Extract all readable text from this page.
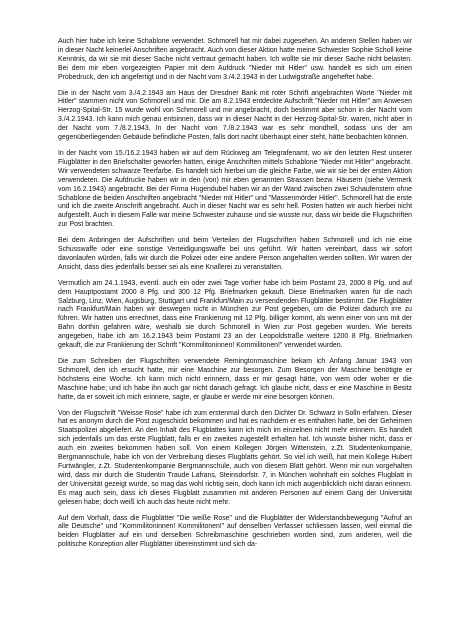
Auch hier habe ich keine Schablone verwendet. Schmorell hat mir dabei zugesehen. An anderen Stellen haben wir in dieser Nacht keinerlei Anschriften angebracht. Auch von dieser Aktion hatte meine Schwester Sophie Scholl keine Kenntnis, da wir sie mit dieser Sache nicht vertraut gemacht haben. Ich wollte sie mir dieser Sache nicht belasten. Bei dem mir eben vorgezeigten Papier mit dem Aufdruck "Nieder mit Hitler" usw. handelt es sich um einen Probedruck, den ich angefertigt und in der Nacht vom 3./4.2.1943 in der Ludwigstraße angeheftet habe.

Die in der Nacht vom 3./4.2.1943 am Haus der Dresdner Bank mit roter Schrift angebrachten Worte "Nieder mit Hitler" stammen nicht von Schmorell und mir. Die am 8.2.1943 entdeckte Aufschrift "Nieder mit Hitler" am Anwesen Herzog-Spital-Str. 15 wurde wohl von Schmorell und mir angebracht, doch bestimmt aber schon in der Nacht vom 3./4.2.1943. Ich kann mich genau entsinnen, dass wir in dieser Nacht in der Herzog-Spital-Str. waren, nicht aber in der Nacht vom 7./8.2.1943. In der Nacht vom 7./8.2.1943 war es sehr mondhell, sodass uns der am gegenüberliegenden Gebäude befindliche Posten, falls dort nacht überhaupt einer steht, hätte beobachten können.

In der Nacht vom 15./16.2.1943 haben wir auf dem Rückweg am Telegrafenamt, wo wir den letzten Rest unserer Flugblätter in den Briefschalter geworfen hatten, einige Anschriften mittels Schablone "Nieder mit Hitler" angebracht. Wir verwendeten schwarze Teerfarbe. Es handelt sich hierbei um die gleiche Farbe, wie wir sie bei der ersten Aktion verwendeten. Die Aufdrucke haben wir in den (von) mir eben genannten Strassen bezw. Häusern (siehe Vermerk vom 16.2.1943) angebracht. Bei der Firma Hugendubel haben wir an der Wand zwischen zwei Schaufenstern ohne Schablone die beiden Anschriften angebracht "Nieder mit Hitler" und "Massenmörder Hitler". Schmorell hat die erste und ich die zweite Anschrift angebracht. Auch in dieser Nacht war es sehr hell. Posten hatten wir auch hierbei nicht aufgestellt. Auch in diesem Falle war meine Schwester zuhause und sie wusste nur, dass wir beide die Flugschriften zur Post brachten.

Bei dem Anbringen der Aufschriften und beim Verteilen der Flugschriften haben Schmorell und ich nie eine Schusswaffe oder eine sonstige Verteidigungswaffe bei uns geführt. Wir hatten vereinbart, dass wir sofort davonlaufen würden, falls wir durch die Polizei oder eine andere Person angehalten werden sollten. Wir waren der Ansicht, dass dies jedenfalls besser sei als eine Knallerei zu veranstalten.

Vermutlich am 24.1.1943, eventl. auch ein oder zwei Tage vorher habe ich beim Postamt 23, 2000 8 Pfg. und auf dem Hauptpostamt 2000 8 Pfg. und 300 12 Pfg. Briefmarken gekauft. Diese Briefmarken waren für die nach Salzburg, Linz, Wien, Augsburg, Stuttgart und Frankfurt/Main zu versendenden Flugblätter bestimmt. Die Flugblätter nach Frankfurt/Main haben wir deswegen nicht in München zur Post gegeben, um die Polizei dadurch irre zu führen. Wir hatten uns errechnet, dass eine Frankierung mit 12 Pfg. billiger kommt, als wenn einer von uns mit der Bahn dorthin gefahren wäre, weshalb sie durch Schmorell in Wien zur Post gegeben wurden. Wie bereits angegeben, habe ich am 16.2.1943 beim Postamt 23 an der Leopoldstraße weitere 1200 8 Pfg. Briefmarken gekauft, die zur Frankierung der Schrift "Kommilitoninnen! Kommilitonen!" verwendet wurden.

Die zum Schreiben der Flugschriften verwendete Remingtonmaschine bekam ich Anfang Januar 1943 von Schmorell, den ich ersucht hatte, mir eine Maschine zur besorgen. Zum Besorgen der Maschine benötigte er höchstens eine Woche. Ich kann mich nicht erinnern, dass er mir gesagt hätte, von wem oder woher er die Maschine habe; und ich habe ihn auch gar nicht danach gefragt. Ich glaube nicht, dass er eine Maschine in Besitz hatte, da er soweit ich mich erinnere, sagte, er glaube er werde mir eine besorgen können.

Von der Flugschrift "Weisse Rose" habe ich zum erstenmal durch den Dichter Dr. Schwarz in Solln erfahren. Dieser hat es anonym durch die Post zugeschickt bekommen und hat es nachdem er es enthalten hatte, bei der Geheimen Staatspolizei abgeliefert. An den Inhalt des Flugblattes kann ich mich im einzelnen nicht mehr erinnern. Es handelt sich jedenfalls um das erste Flugblatt, falls er ein zweites zugestellt erhalten hat. Ich wusste bisher nicht, dass er auch ein zweites bekommen haben soll. Von einem Kollegen Jörgen Wittenstein, z.Zt. Studentenkompanie, Bergmannschule, habe ich von der Verbreitung dieses Flugblatts gehört. So viel ich weiß, hat mein Kollege Hubert Furtwängler, z.Zt. Studentenkompanie Bergmannschule, auch von diesem Blatt gehört. Wenn mir nun vorgehalten wird, dass mir durch die Studentin Traude Lafrans, Steinsdorfstr. 7, in München wohnhaft ein solches Flugblatt in der Universität gezeigt wurde, so mag das wohl richtig sein, doch kann ich mich augenblicklich nicht daran erinnern. Es mag auch sein, dass ich dieses Flugblatt zusammen mit anderen Personen auf einem Gang der Universität gelesen habe; doch weiß ich auch das heute nicht mehr.

Auf dem Vorhalt, dass die Flugblätter "Die weiße Rose" und die Flugblätter der Widerstandsbewegung "Aufruf an alle Deutsche" und "Kommilitoninnen! Kommilitonen!" auf denselben Verfasser schliessen lassen, weil einmal die beiden Flugblätter auf ein und derselben Schreibmaschine geschrieben worden sind, zum anderen, weil die politische Konzeption aller Flugblätter übereinstimmt und sich da-
